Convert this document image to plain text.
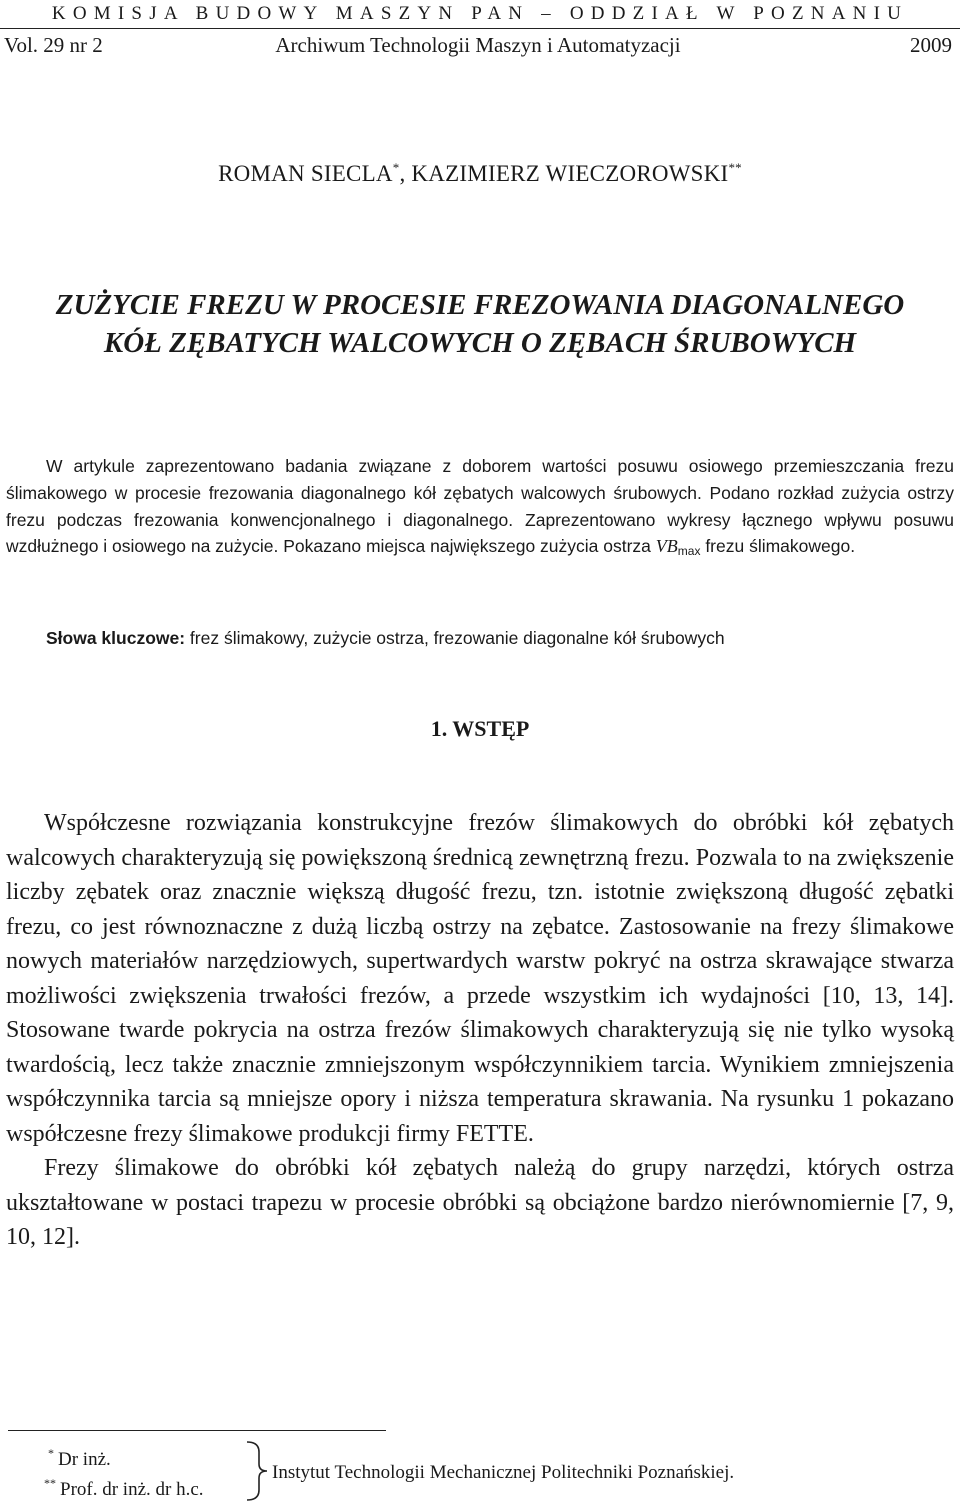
KOMISJA BUDOWY MASZYN PAN – ODDZIAŁ W POZNANIU
Vol. 29 nr 2	Archiwum Technologii Maszyn i Automatyzacji	2009
ROMAN SIECLA*, KAZIMIERZ WIECZOROWSKI**
ZUŻYCIE FREZU W PROCESIE FREZOWANIA DIAGONALNEGO
KÓŁ ZĘBATYCH WALCOWYCH O ZĘBACH ŚRUBOWYCH
W artykule zaprezentowano badania związane z doborem wartości posuwu osiowego przemieszczania frezu ślimakowego w procesie frezowania diagonalnego kół zębatych walcowych śrubowych. Podano rozkład zużycia ostrzy frezu podczas frezowania konwencjonalnego i diagonalnego. Zaprezentowano wykresy łącznego wpływu posuwu wzdłużnego i osiowego na zużycie. Pokazano miejsca największego zużycia ostrza $VB_{max}$ frezu ślimakowego.
Słowa kluczowe: frez ślimakowy, zużycie ostrza, frezowanie diagonalne kół śrubowych
1. WSTĘP

Współczesne rozwiązania konstrukcyjne frezów ślimakowych do obróbki kół zębatych walcowych charakteryzują się powiększoną średnicą zewnętrzną frezu. Pozwala to na zwiększenie liczby zębatek oraz znacznie większą długość frezu, tzn. istotnie zwiększoną długość zębatki frezu, co jest równoznaczne z dużą liczbą ostrzy na zębatce. Zastosowanie na frezy ślimakowe nowych materiałów narzędziowych, supertwardych warstw pokryć na ostrza skrawające stwarza możliwości zwiększenia trwałości frezów, a przede wszystkim ich wydajności [10, 13, 14]. Stosowane twarde pokrycia na ostrza frezów ślimakowych charakteryzują się nie tylko wysoką twardością, lecz także znacznie zmniejszonym współczynnikiem tarcia. Wynikiem zmniejszenia współczynnika tarcia są mniejsze opory i niższa temperatura skrawania. Na rysunku 1 pokazano współczesne frezy ślimakowe produkcji firmy FETTE.

Frezy ślimakowe do obróbki kół zębatych należą do grupy narzędzi, których ostrza ukształtowane w postaci trapezu w procesie obróbki są obciążone bardzo nierównomiernie [7, 9, 10, 12].

* Dr inż.
** Prof. dr inż. dr h.c.
Instytut Technologii Mechanicznej Politechniki Poznańskiej.
